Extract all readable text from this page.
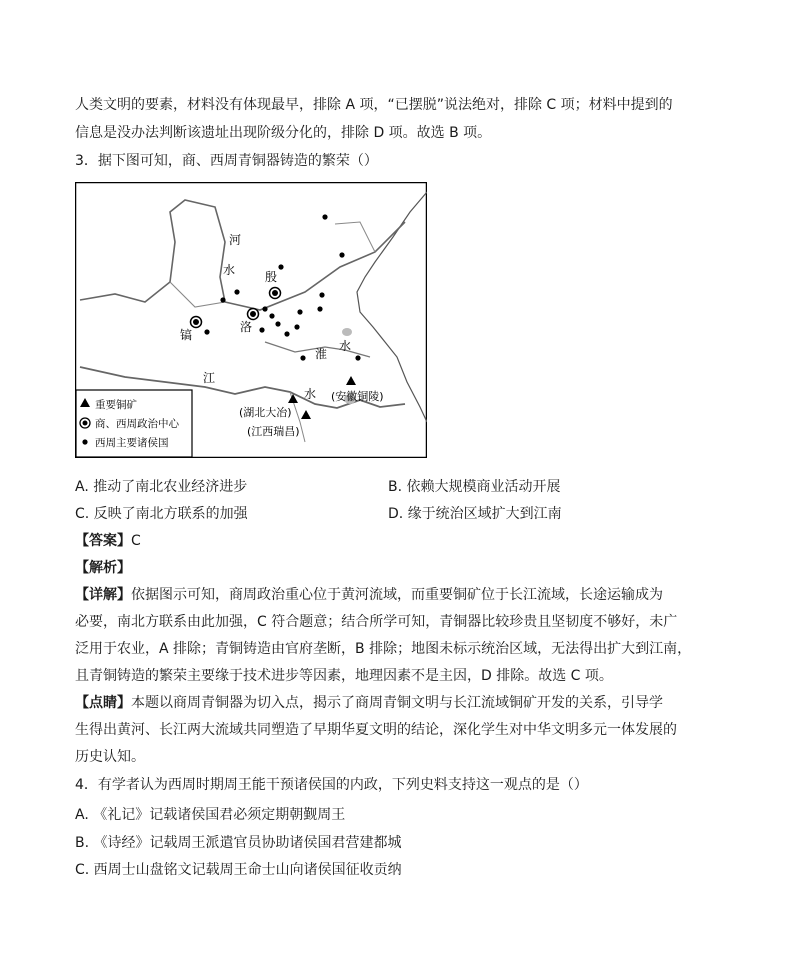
人类文明的要素，材料没有体现最早，排除 A 项，“已摆脱”说法绝对，排除 C 项；材料中提到的
信息是没办法判断该遗址出现阶级分化的，排除 D 项。故选 B 项。
3．据下图可知，商、西周青铜器铸造的繁荣（）
河
水
淮
水
江
水
殷
洛
镐
(湖北大冶)
(江西瑞昌)
(安徽铜陵)
重要铜矿
商、西周政治中心
西周主要诸侯国
A. 推动了南北农业经济进步	B. 依赖大规模商业活动开展
C. 反映了南北方联系的加强	D. 缘于统治区域扩大到江南
【答案】C
【解析】
【详解】依据图示可知，商周政治重心位于黄河流域，而重要铜矿位于长江流域，长途运输成为
必要，南北方联系由此加强，C 符合题意；结合所学可知，青铜器比较珍贵且坚韧度不够好，未广
泛用于农业，A 排除；青铜铸造由官府垄断，B 排除；地图未标示统治区域，无法得出扩大到江南，
且青铜铸造的繁荣主要缘于技术进步等因素，地理因素不是主因，D 排除。故选 C 项。
【点睛】本题以商周青铜器为切入点，揭示了商周青铜文明与长江流域铜矿开发的关系，引导学
生得出黄河、长江两大流域共同塑造了早期华夏文明的结论，深化学生对中华文明多元一体发展的
历史认知。
4．有学者认为西周时期周王能干预诸侯国的内政，下列史料支持这一观点的是（）
A. 《礼记》记载诸侯国君必须定期朝觐周王
B. 《诗经》记载周王派遣官员协助诸侯国君营建都城
C. 西周士山盘铭文记载周王命士山向诸侯国征收贡纳
